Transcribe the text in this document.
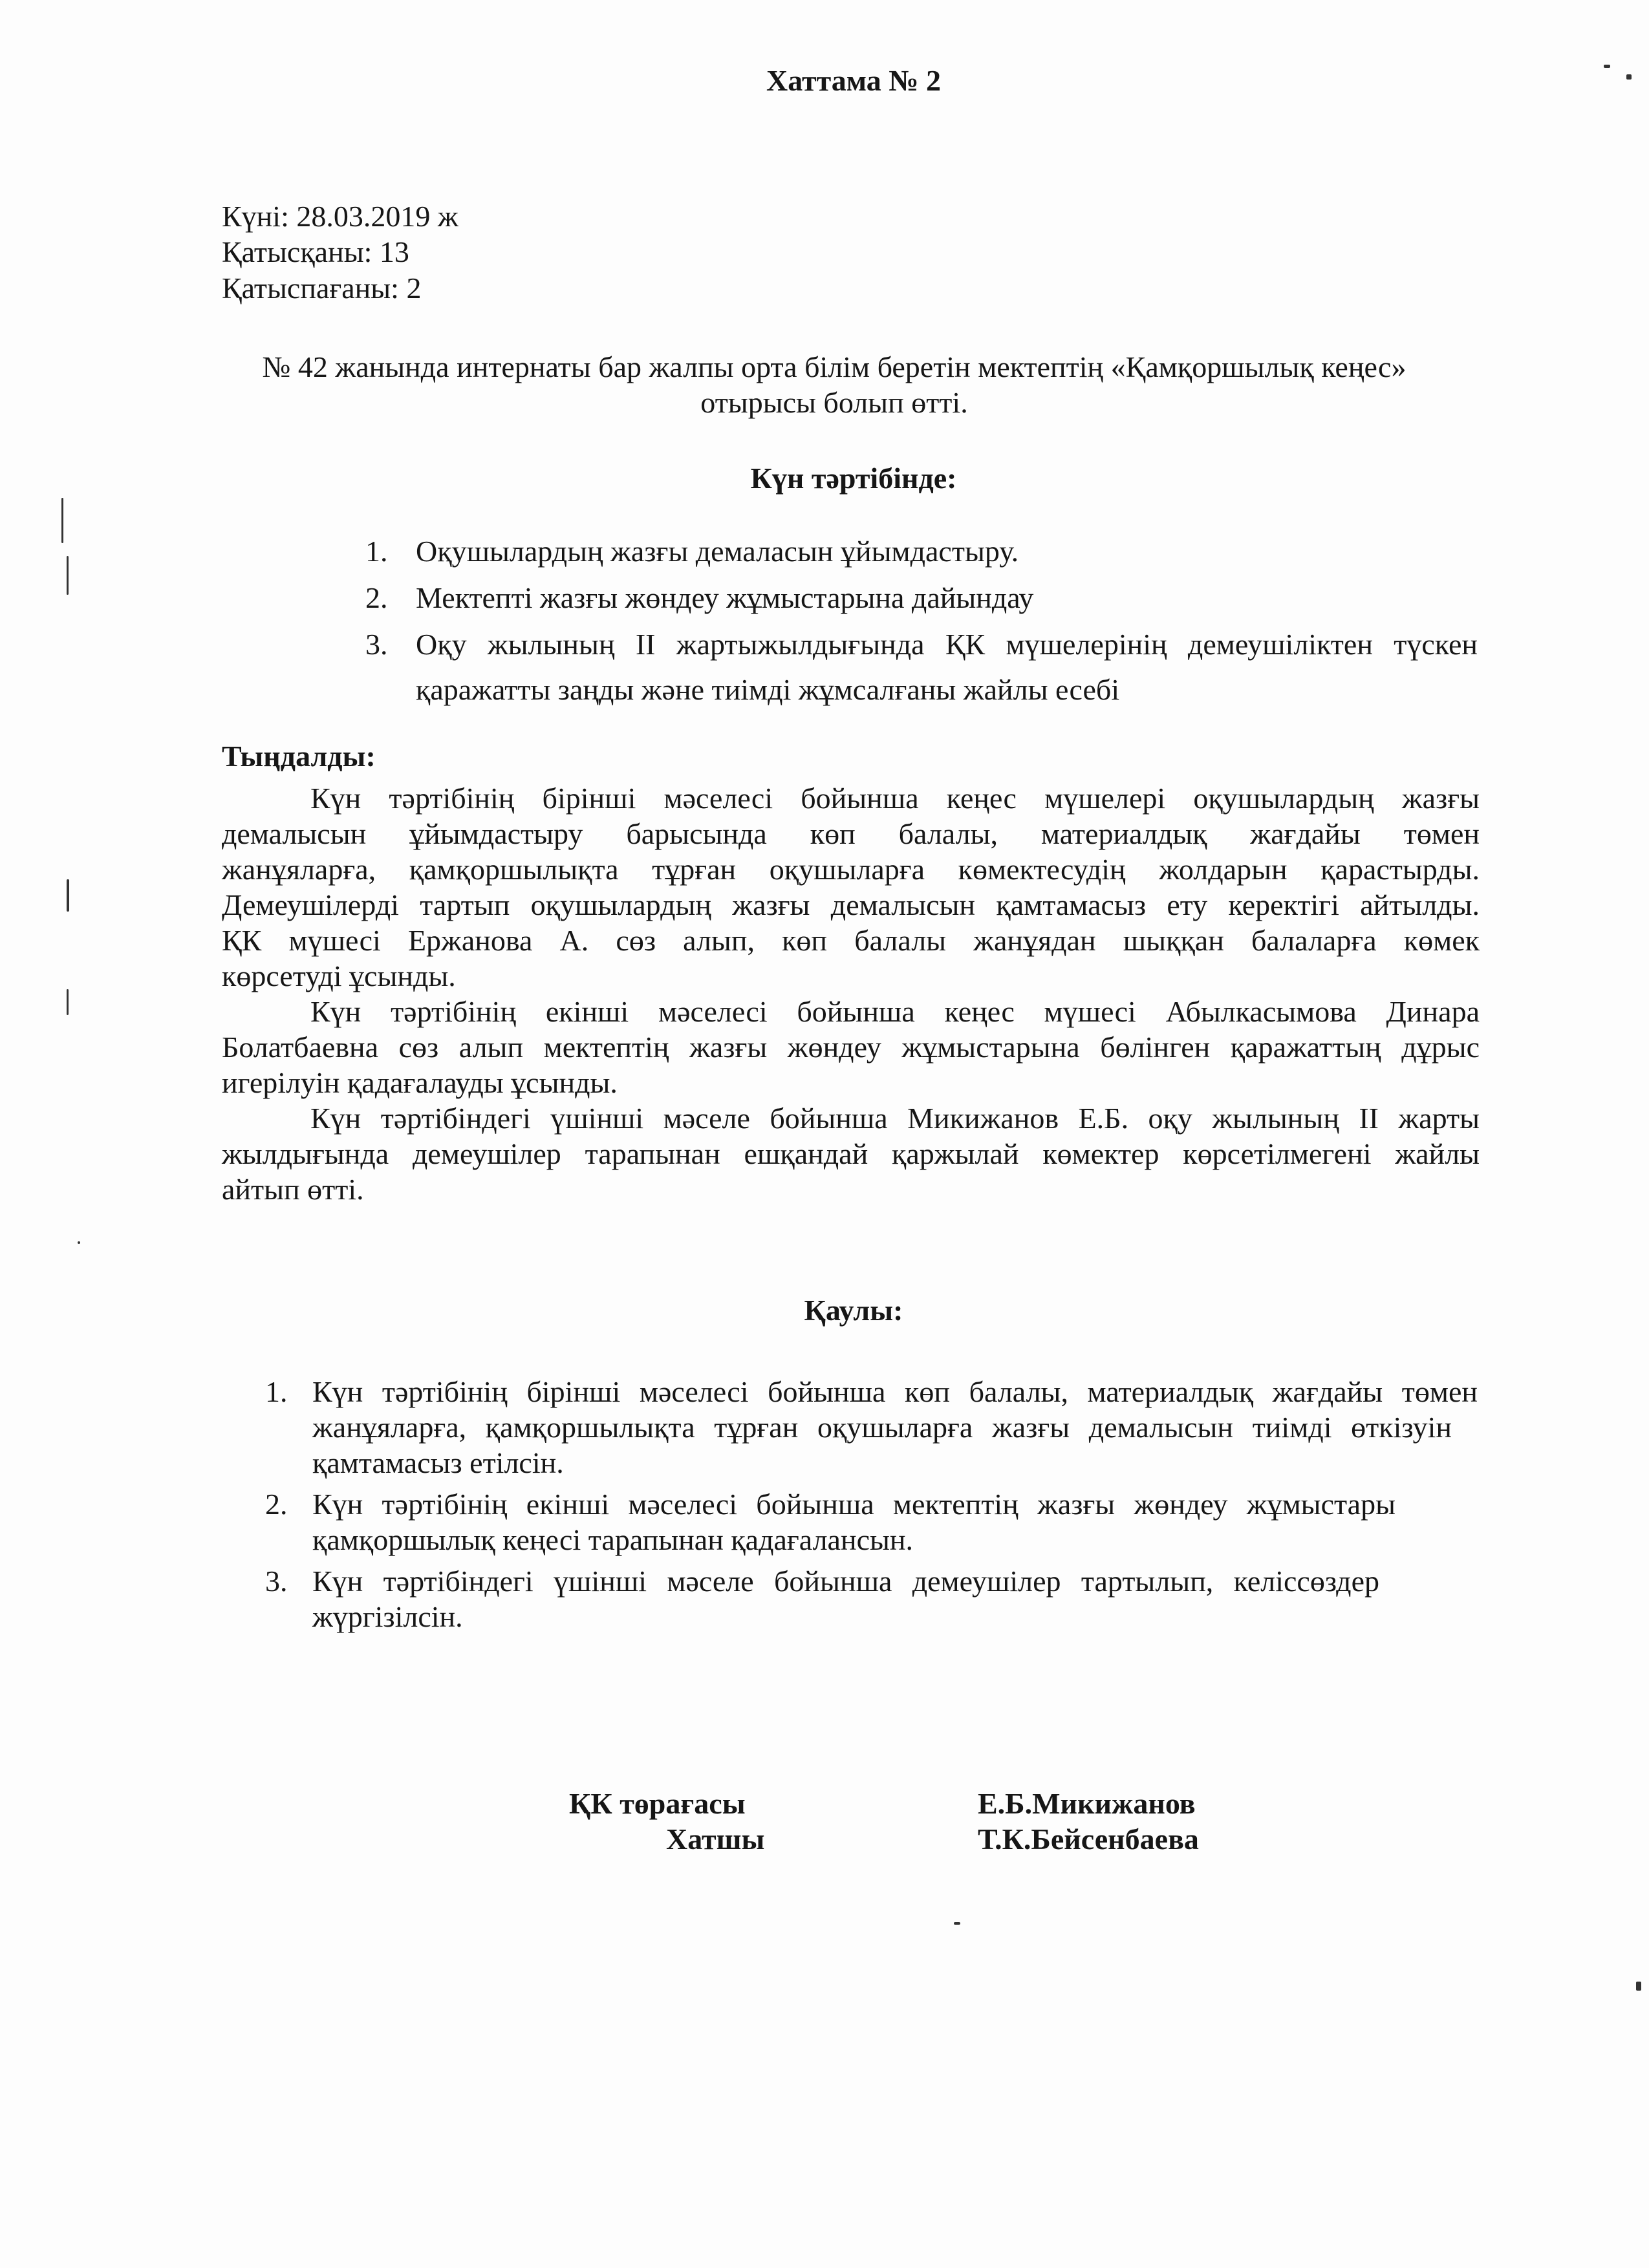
Хаттама № 2
Күні: 28.03.2019 ж
Қатысқаны: 13
Қатыспағаны: 2
№ 42 жанында интернаты бар жалпы орта білім беретін мектептің «Қамқоршылық кеңес»
отырысы болып өтті.
Күн тәртібінде:
1. Оқушылардың жазғы демаласын ұйымдастыру.
2. Мектепті жазғы жөндеу жұмыстарына дайындау
3. Оқу жылының ІІ жартыжылдығында ҚК мүшелерінің демеушіліктен түскен
қаражатты заңды және тиімді жұмсалғаны жайлы есебі
Тыңдалды:
Күн тәртібінің бірінші мәселесі бойынша кеңес мүшелері оқушылардың жазғы
демалысын ұйымдастыру барысында көп балалы, материалдық жағдайы төмен
жанұяларға, қамқоршылықта тұрған оқушыларға көмектесудің жолдарын қарастырды.
Демеушілерді тартып оқушылардың жазғы демалысын қамтамасыз ету керектігі айтылды.
ҚК мүшесі Ержанова А. сөз алып, көп балалы жанұядан шыққан балаларға көмек
көрсетуді ұсынды.
Күн тәртібінің екінші мәселесі бойынша кеңес мүшесі Абылкасымова Динара
Болатбаевна сөз алып мектептің жазғы жөндеу жұмыстарына бөлінген қаражаттың дұрыс
игерілуін қадағалауды ұсынды.
Күн тәртібіндегі үшінші мәселе бойынша Микижанов Е.Б. оқу жылының ІІ жарты
жылдығында демеушілер тарапынан ешқандай қаржылай көмектер көрсетілмегені жайлы
айтып өтті.
Қаулы:
1. Күн тәртібінің бірінші мәселесі бойынша көп балалы, материалдық жағдайы төмен
жанұяларға, қамқоршылықта тұрған оқушыларға жазғы демалысын тиімді өткізуін
қамтамасыз етілсін.
2. Күн тәртібінің екінші мәселесі бойынша мектептің жазғы жөндеу жұмыстары
қамқоршылық кеңесі тарапынан қадағалансын.
3. Күн тәртібіндегі үшінші мәселе бойынша демеушілер тартылып, келіссөздер
жүргізілсін.
ҚК төрағасы	Е.Б.Микижанов
Хатшы	Т.К.Бейсенбаева
